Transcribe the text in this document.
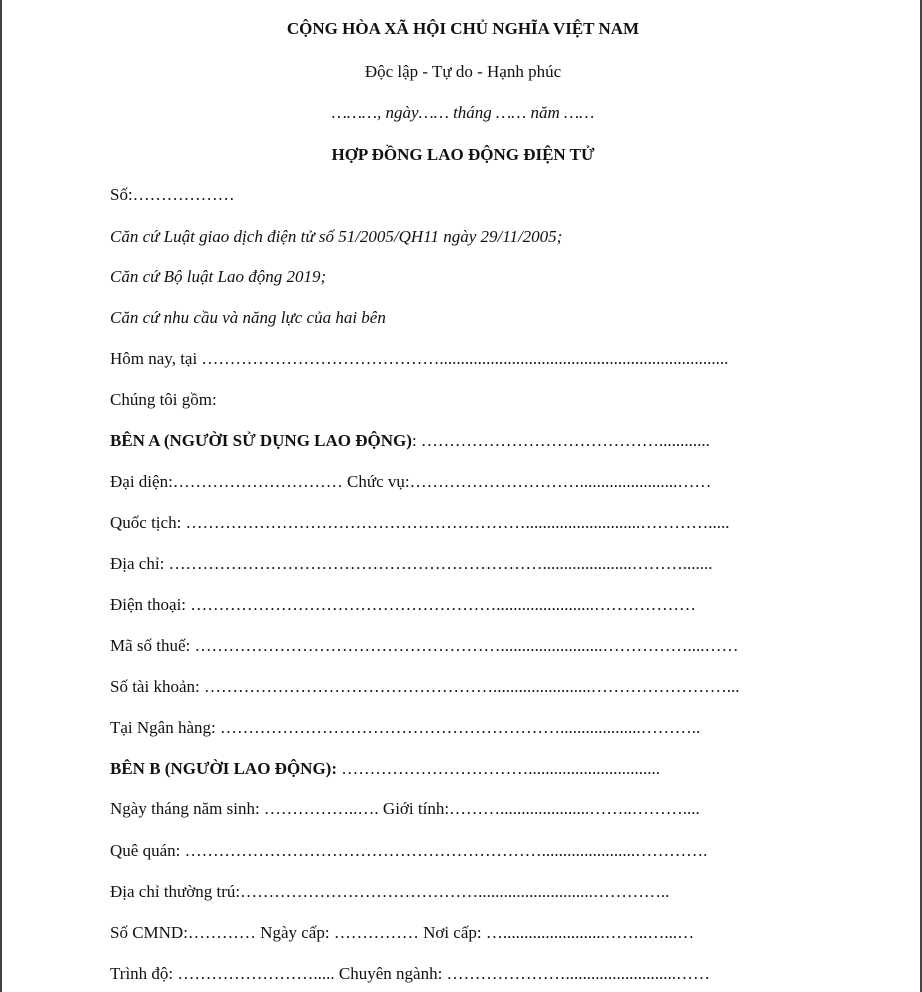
CỘNG HÒA XÃ HỘI CHỦ NGHĨA VIỆT NAM
Độc lập - Tự do - Hạnh phúc
………, ngày…… tháng …… năm ……
HỢP ĐỒNG LAO ĐỘNG ĐIỆN TỬ
Số:………………
Căn cứ Luật giao dịch điện tử số 51/2005/QH11 ngày 29/11/2005;
Căn cứ Bộ luật Lao động 2019;
Căn cứ nhu cầu và năng lực của hai bên
Hôm nay, tại ……………………………………....................................................................
Chúng tôi gồm:
BÊN A (NGƯỜI SỬ DỤNG LAO ĐỘNG): ……………………………………............
Đại diện:………………………… Chức vụ:………………………….......................……
Quốc tịch: ……………………………………………………...........................………….....
Địa chỉ: ………………………………………………………….....................……….......
Điện thoại: ……………………………………………….......................………………
Mã số thuế: ………………………………………………........................……………....……
Số tài khoản: …………………………………………….......................……………………...
Tại Ngân hàng: ……………………………………………………...................………..
BÊN B (NGƯỜI LAO ĐỘNG): ……………………………...............................
Ngày tháng năm sinh: ……………..…. Giới tính:……….....................……..………....
Quê quán: ………………………………………………………......................………….
Địa chỉ thường trú:……………………………………...........................…………..
Số CMND:………… Ngày cấp: …………… Nơi cấp: …........................……..…...…
Trình độ: ……………………..... Chuyên ngành: …………………..........................……
